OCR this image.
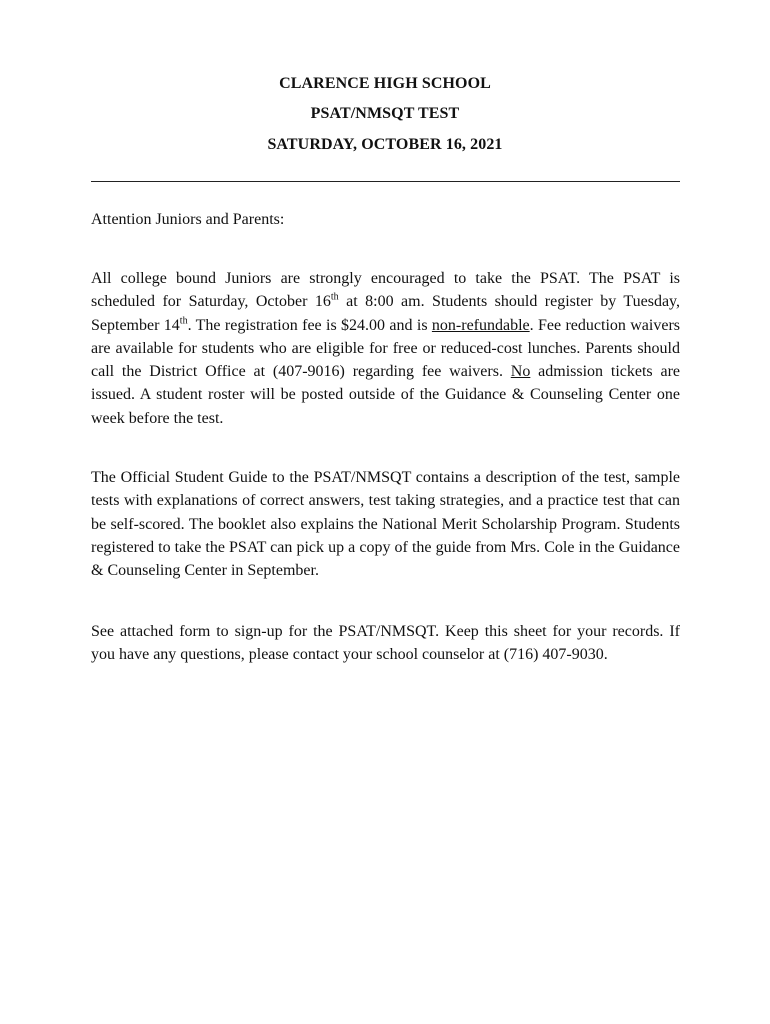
CLARENCE HIGH SCHOOL
PSAT/NMSQT TEST
SATURDAY, OCTOBER 16, 2021
Attention Juniors and Parents:

All college bound Juniors are strongly encouraged to take the PSAT. The PSAT is scheduled for Saturday, October 16th at 8:00 am. Students should register by Tuesday, September 14th. The registration fee is $24.00 and is non-refundable. Fee reduction waivers are available for students who are eligible for free or reduced-cost lunches. Parents should call the District Office at (407-9016) regarding fee waivers. No admission tickets are issued. A student roster will be posted outside of the Guidance & Counseling Center one week before the test.

The Official Student Guide to the PSAT/NMSQT contains a description of the test, sample tests with explanations of correct answers, test taking strategies, and a practice test that can be self-scored. The booklet also explains the National Merit Scholarship Program. Students registered to take the PSAT can pick up a copy of the guide from Mrs. Cole in the Guidance & Counseling Center in September.

See attached form to sign-up for the PSAT/NMSQT. Keep this sheet for your records. If you have any questions, please contact your school counselor at (716) 407-9030.
